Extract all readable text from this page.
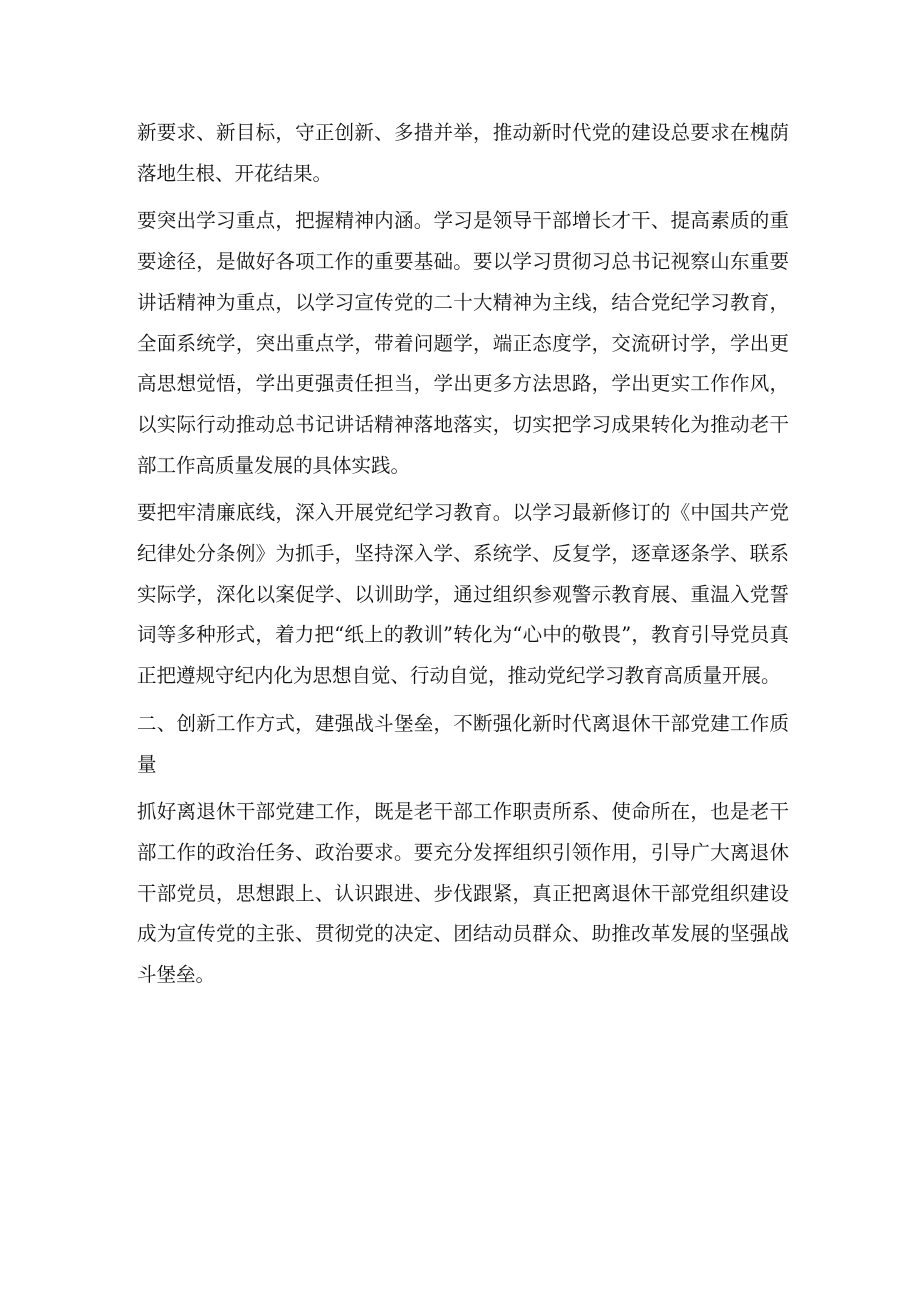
新要求、新目标，守正创新、多措并举，推动新时代党的建设总要求在槐荫落地生根、开花结果。

要突出学习重点，把握精神内涵。学习是领导干部增长才干、提高素质的重要途径，是做好各项工作的重要基础。要以学习贯彻习总书记视察山东重要讲话精神为重点，以学习宣传党的二十大精神为主线，结合党纪学习教育，全面系统学，突出重点学，带着问题学，端正态度学，交流研讨学，学出更高思想觉悟，学出更强责任担当，学出更多方法思路，学出更实工作作风，以实际行动推动总书记讲话精神落地落实，切实把学习成果转化为推动老干部工作高质量发展的具体实践。

要把牢清廉底线，深入开展党纪学习教育。以学习最新修订的《中国共产党纪律处分条例》为抓手，坚持深入学、系统学、反复学，逐章逐条学、联系实际学，深化以案促学、以训助学，通过组织参观警示教育展、重温入党誓词等多种形式，着力把“纸上的教训”转化为“心中的敬畏”，教育引导党员真正把遵规守纪内化为思想自觉、行动自觉，推动党纪学习教育高质量开展。

二、创新工作方式，建强战斗堡垒，不断强化新时代离退休干部党建工作质量

抓好离退休干部党建工作，既是老干部工作职责所系、使命所在，也是老干部工作的政治任务、政治要求。要充分发挥组织引领作用，引导广大离退休干部党员，思想跟上、认识跟进、步伐跟紧，真正把离退休干部党组织建设成为宣传党的主张、贯彻党的决定、团结动员群众、助推改革发展的坚强战斗堡垒。
